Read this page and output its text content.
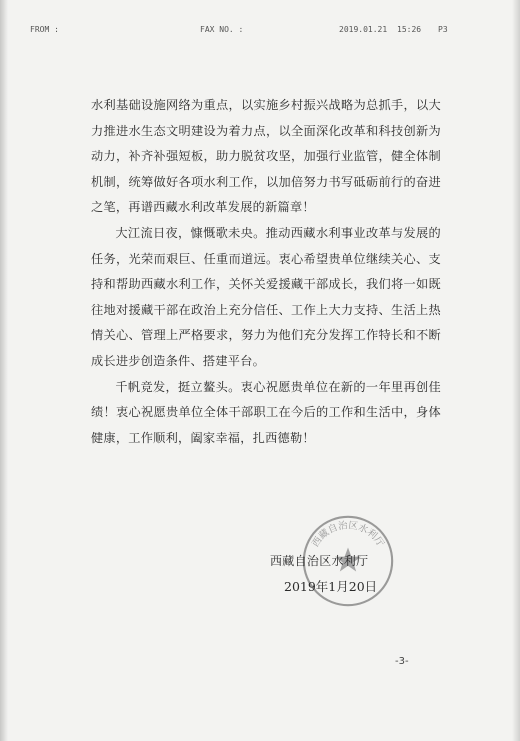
FROM :	FAX NO. :	2019.01.21 15:26 P3

水利基础设施网络为重点，以实施乡村振兴战略为总抓手，以大力推进水生态文明建设为着力点，以全面深化改革和科技创新为动力，补齐补强短板，助力脱贫攻坚，加强行业监管，健全体制机制，统筹做好各项水利工作，以加倍努力书写砥砺前行的奋进之笔，再谱西藏水利改革发展的新篇章！

大江流日夜，慷慨歌未央。推动西藏水利事业改革与发展的任务，光荣而艰巨、任重而道远。衷心希望贵单位继续关心、支持和帮助西藏水利工作，关怀关爱援藏干部成长，我们将一如既往地对援藏干部在政治上充分信任、工作上大力支持、生活上热情关心、管理上严格要求，努力为他们充分发挥工作特长和不断成长进步创造条件、搭建平台。

千帆竞发，挺立鳌头。衷心祝愿贵单位在新的一年里再创佳绩！衷心祝愿贵单位全体干部职工在今后的工作和生活中，身体健康，工作顺利，阖家幸福，扎西德勒！

西藏自治区水利厅
西藏自治区水利厅
2019年1月20日
-3-
